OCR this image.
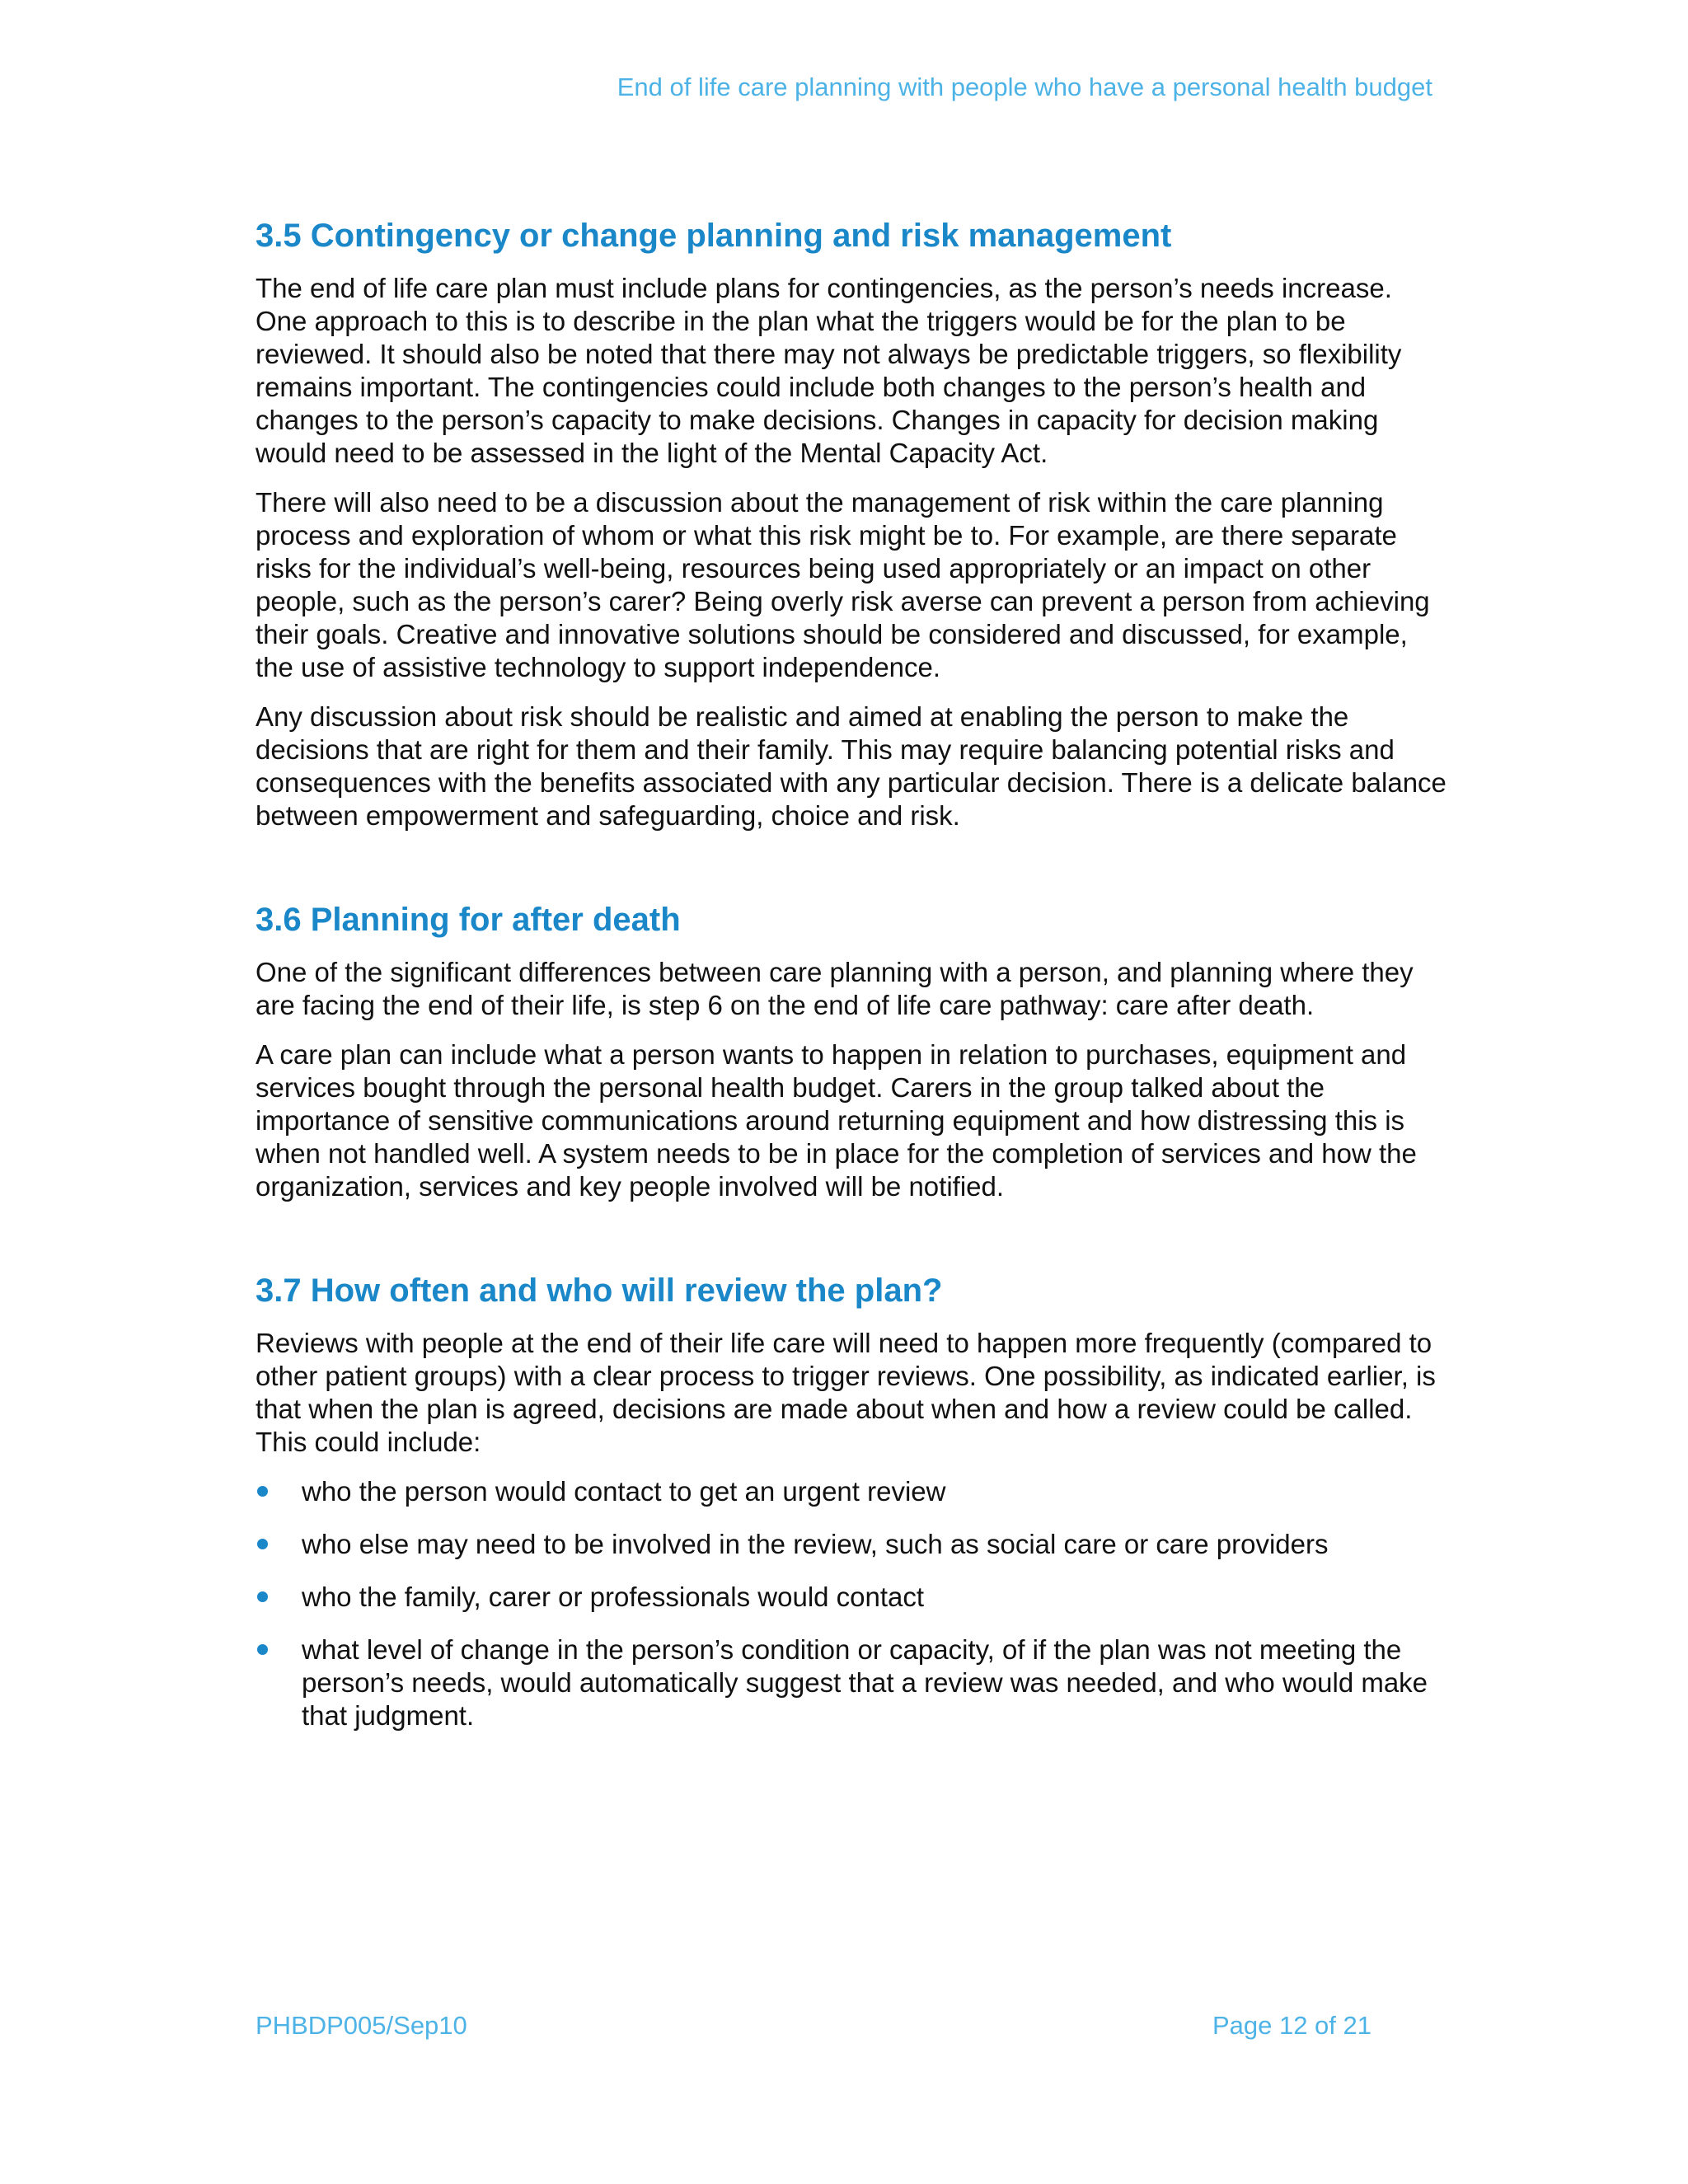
End of life care planning with people who have a personal health budget
3.5 Contingency or change planning and risk management

The end of life care plan must include plans for contingencies, as the person’s needs increase. One approach to this is to describe in the plan what the triggers would be for the plan to be reviewed. It should also be noted that there may not always be predictable triggers, so flexibility remains important. The contingencies could include both changes to the person’s health and changes to the person’s capacity to make decisions. Changes in capacity for decision making would need to be assessed in the light of the Mental Capacity Act.

There will also need to be a discussion about the management of risk within the care planning process and exploration of whom or what this risk might be to. For example, are there separate risks for the individual’s well-being, resources being used appropriately or an impact on other people, such as the person’s carer? Being overly risk averse can prevent a person from achieving their goals. Creative and innovative solutions should be considered and discussed, for example, the use of assistive technology to support independence.

Any discussion about risk should be realistic and aimed at enabling the person to make the decisions that are right for them and their family. This may require balancing potential risks and consequences with the benefits associated with any particular decision. There is a delicate balance between empowerment and safeguarding, choice and risk.

3.6 Planning for after death

One of the significant differences between care planning with a person, and planning where they are facing the end of their life, is step 6 on the end of life care pathway: care after death.

A care plan can include what a person wants to happen in relation to purchases, equipment and services bought through the personal health budget. Carers in the group talked about the importance of sensitive communications around returning equipment and how distressing this is when not handled well. A system needs to be in place for the completion of services and how the organization, services and key people involved will be notified.

3.7 How often and who will review the plan?

Reviews with people at the end of their life care will need to happen more frequently (compared to other patient groups) with a clear process to trigger reviews. One possibility, as indicated earlier, is that when the plan is agreed, decisions are made about when and how a review could be called. This could include:

who the person would contact to get an urgent review
who else may need to be involved in the review, such as social care or care providers
who the family, carer or professionals would contact
what level of change in the person’s condition or capacity, of if the plan was not meeting the person’s needs, would automatically suggest that a review was needed, and who would make that judgment.
PHBDP005/Sep10	Page 12 of 21
